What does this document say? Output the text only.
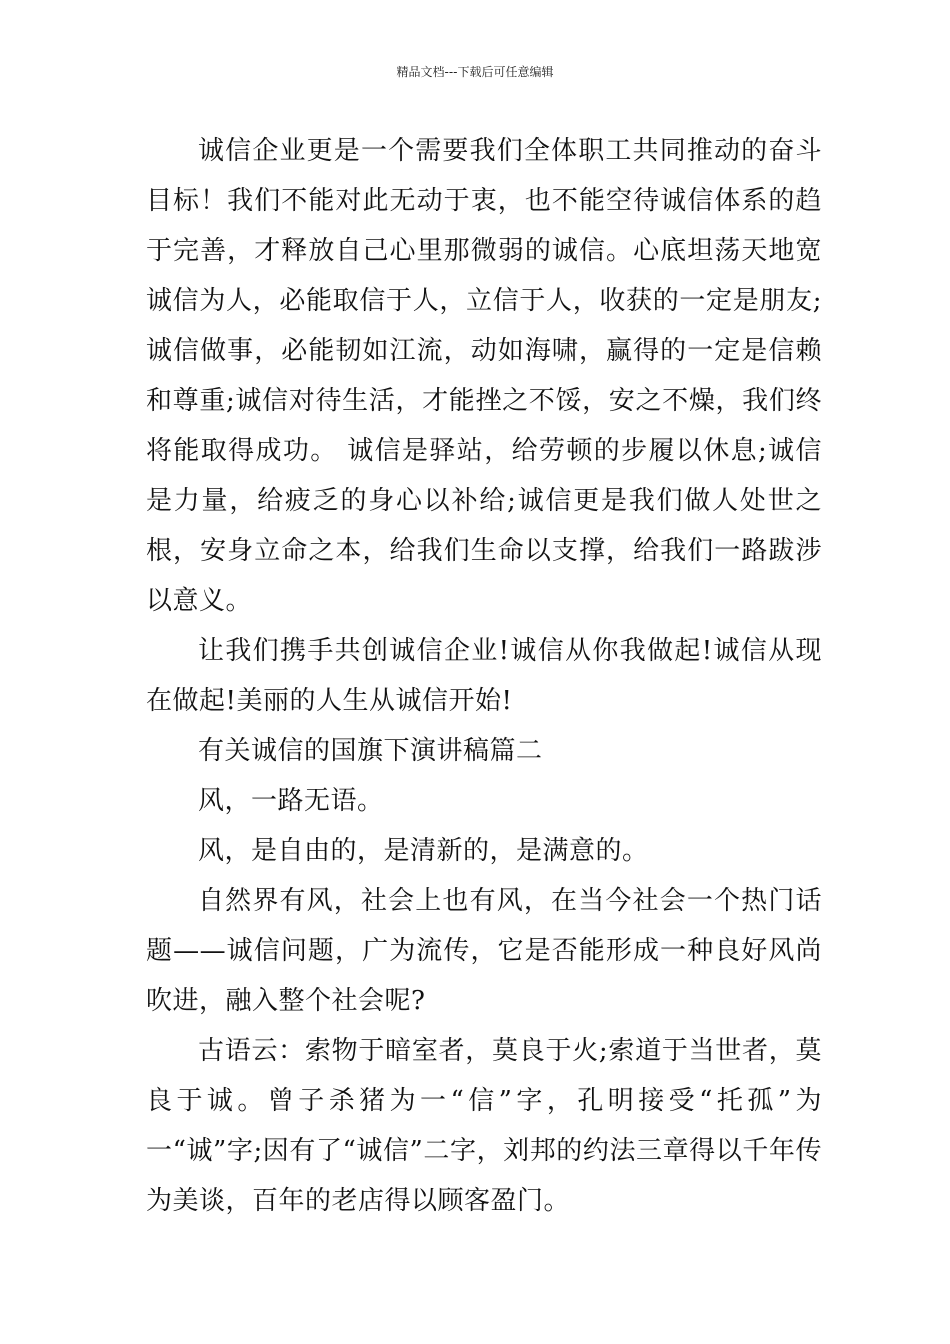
精品文档---下载后可任意编辑

诚信企业更是一个需要我们全体职工共同推动的奋斗目标！我们不能对此无动于衷，也不能空待诚信体系的趋于完善，才释放自己心里那微弱的诚信。心底坦荡天地宽诚信为人，必能取信于人，立信于人，收获的一定是朋友;诚信做事，必能韧如江流，动如海啸，赢得的一定是信赖和尊重;诚信对待生活，才能挫之不馁，安之不燥，我们终将能取得成功。 诚信是驿站，给劳顿的步履以休息;诚信是力量，给疲乏的身心以补给;诚信更是我们做人处世之根，安身立命之本，给我们生命以支撑，给我们一路跋涉以意义。

让我们携手共创诚信企业!诚信从你我做起!诚信从现在做起!美丽的人生从诚信开始!

有关诚信的国旗下演讲稿篇二

风，一路无语。

风，是自由的，是清新的，是满意的。

自然界有风，社会上也有风，在当今社会一个热门话题——诚信问题，广为流传，它是否能形成一种良好风尚吹进，融入整个社会呢?

古语云：索物于暗室者，莫良于火;索道于当世者，莫良于诚。曾子杀猪为一“信”字，孔明接受“托孤”为一“诚”字;因有了“诚信”二字，刘邦的约法三章得以千年传为美谈，百年的老店得以顾客盈门。
